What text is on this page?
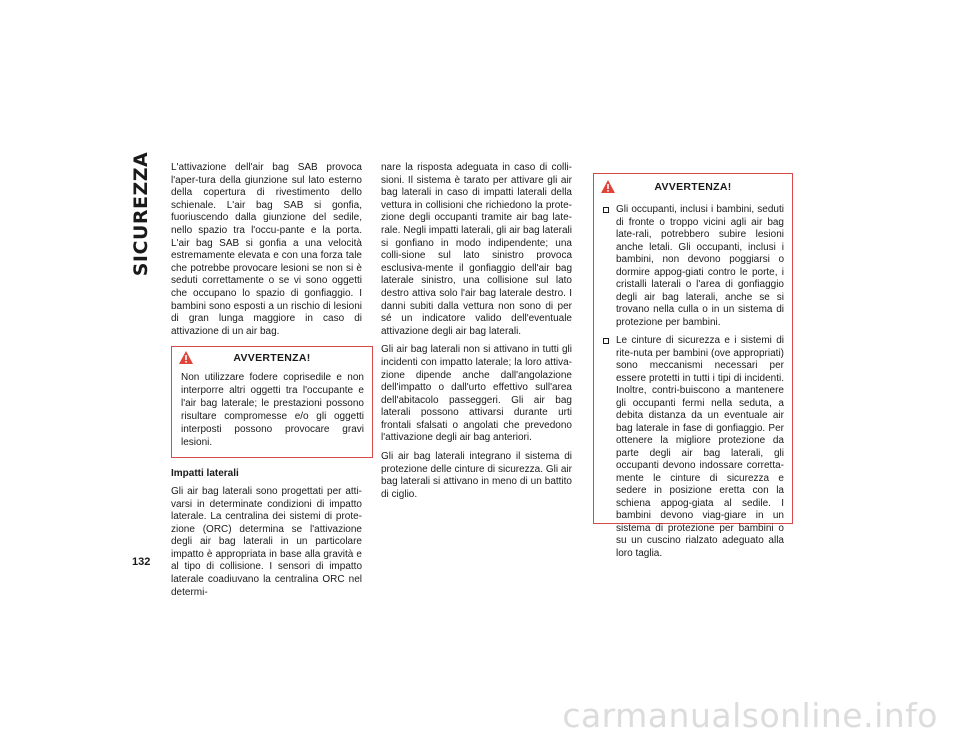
SICUREZZA L'attivazione dell'air bag SAB provoca l'aper-tura della giunzione sul lato esterno della copertura di rivestimento dello schienale. L'air bag SAB si gonfia, fuoriuscendo dalla giunzione del sedile, nello spazio tra l'occu-pante e la porta. L'air bag SAB si gonfia a una velocità estremamente elevata e con una forza tale che potrebbe provocare lesioni se non si è seduti correttamente o se vi sono oggetti che occupano lo spazio di gonfiaggio. I bambini sono esposti a un rischio di lesioni di gran lunga maggiore in caso di attivazione di un air bag.

AVVERTENZA!
Non utilizzare fodere coprisedile e non interporre altri oggetti tra l'occupante e l'air bag laterale; le prestazioni possono risultare compromesse e/o gli oggetti interposti possono provocare gravi lesioni.
Impatti laterali

Gli air bag laterali sono progettati per atti-varsi in determinate condizioni di impatto laterale. La centralina dei sistemi di prote-zione (ORC) determina se l'attivazione degli air bag laterali in un particolare impatto è appropriata in base alla gravità e al tipo di collisione. I sensori di impatto laterale coadiuvano la centralina ORC nel determi-

nare la risposta adeguata in caso di colli-sioni. Il sistema è tarato per attivare gli air bag laterali in caso di impatti laterali della vettura in collisioni che richiedono la prote-zione degli occupanti tramite air bag late-rale. Negli impatti laterali, gli air bag laterali si gonfiano in modo indipendente; una colli-sione sul lato sinistro provoca esclusiva-mente il gonfiaggio dell'air bag laterale sinistro, una collisione sul lato destro attiva solo l'air bag laterale destro. I danni subiti dalla vettura non sono di per sé un indicatore valido dell'eventuale attivazione degli air bag laterali.

Gli air bag laterali non si attivano in tutti gli incidenti con impatto laterale; la loro attiva-zione dipende anche dall'angolazione dell'impatto o dall'urto effettivo sull'area dell'abitacolo passeggeri. Gli air bag laterali possono attivarsi durante urti frontali sfalsati o angolati che prevedono l'attivazione degli air bag anteriori.

Gli air bag laterali integrano il sistema di protezione delle cinture di sicurezza. Gli air bag laterali si attivano in meno di un battito di ciglio.

AVVERTENZA!
Gli occupanti, inclusi i bambini, seduti di fronte o troppo vicini agli air bag late-rali, potrebbero subire lesioni anche letali. Gli occupanti, inclusi i bambini, non devono poggiarsi o dormire appog-giati contro le porte, i cristalli laterali o l'area di gonfiaggio degli air bag laterali, anche se si trovano nella culla o in un sistema di protezione per bambini.
Le cinture di sicurezza e i sistemi di rite-nuta per bambini (ove appropriati) sono meccanismi necessari per essere protetti in tutti i tipi di incidenti. Inoltre, contri-buiscono a mantenere gli occupanti fermi nella seduta, a debita distanza da un eventuale air bag laterale in fase di gonfiaggio. Per ottenere la migliore protezione da parte degli air bag laterali, gli occupanti devono indossare corretta-mente le cinture di sicurezza e sedere in posizione eretta con la schiena appog-giata al sedile. I bambini devono viag-giare in un sistema di protezione per bambini o su un cuscino rialzato adeguato alla loro taglia.
132
carmanualsonline.info
